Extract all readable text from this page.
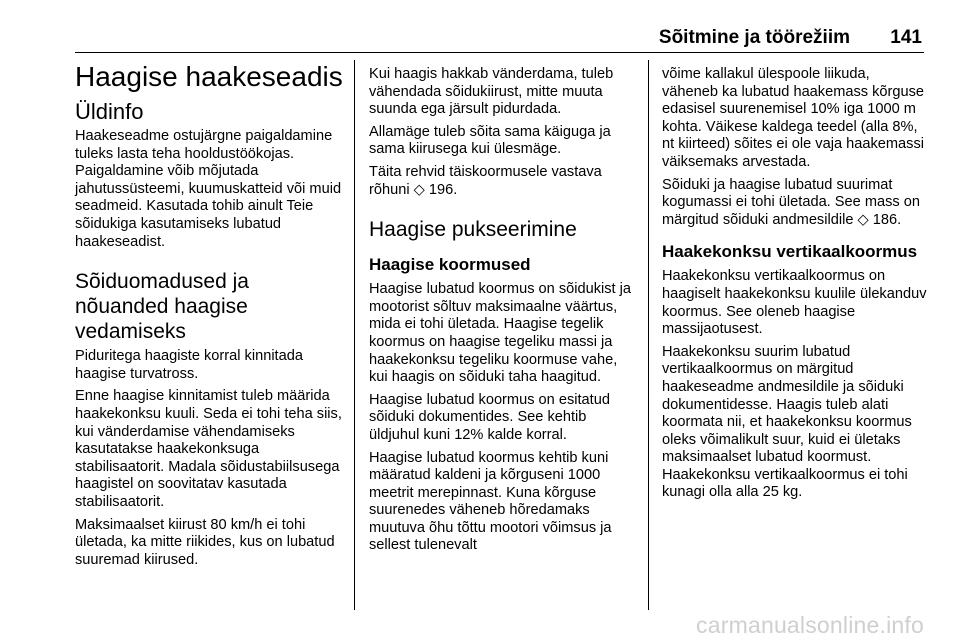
Sõitmine ja töörežiim 141
Haagise haakeseadis
Üldinfo

Haakeseadme ostujärgne paigaldamine tuleks lasta teha hooldustöökojas. Paigaldamine võib mõjutada jahutussüsteemi, kuumuskatteid või muid seadmeid. Kasutada tohib ainult Teie sõidukiga kasutamiseks lubatud haakeseadist.

Sõiduomadused ja nõuanded haagise vedamiseks

Piduritega haagiste korral kinnitada haagise turvatross.

Enne haagise kinnitamist tuleb määrida haakekonksu kuuli. Seda ei tohi teha siis, kui vänderdamise vähendamiseks kasutatakse haakekonksuga stabilisaatorit. Madala sõidustabiilsusega haagistel on soovitatav kasutada stabilisaatorit.

Maksimaalset kiirust 80 km/h ei tohi ületada, ka mitte riikides, kus on lubatud suuremad kiirused.

Kui haagis hakkab vänderdama, tuleb vähendada sõidukiirust, mitte muuta suunda ega järsult pidurdada.

Allamäge tuleb sõita sama käiguga ja sama kiirusega kui ülesmäge.

Täita rehvid täiskoormusele vastava rõhuni ◇ 196.

Haagise pukseerimine
Haagise koormused

Haagise lubatud koormus on sõidukist ja mootorist sõltuv maksimaalne väärtus, mida ei tohi ületada. Haagise tegelik koormus on haagise tegeliku massi ja haakekonksu tegeliku koormuse vahe, kui haagis on sõiduki taha haagitud.

Haagise lubatud koormus on esitatud sõiduki dokumentides. See kehtib üldjuhul kuni 12% kalde korral.

Haagise lubatud koormus kehtib kuni määratud kaldeni ja kõrguseni 1000 meetrit merepinnast. Kuna kõrguse suurenedes väheneb hõredamaks muutuva õhu tõttu mootori võimsus ja sellest tulenevalt

võime kallakul ülespoole liikuda, väheneb ka lubatud haakemass kõrguse edasisel suurenemisel 10% iga 1000 m kohta. Väikese kaldega teedel (alla 8%, nt kiirteed) sõites ei ole vaja haakemassi väiksemaks arvestada.

Sõiduki ja haagise lubatud suurimat kogumassi ei tohi ületada. See mass on märgitud sõiduki andmesildile ◇ 186.

Haakekonksu vertikaalkoormus

Haakekonksu vertikaalkoormus on haagiselt haakekonksu kuulile ülekanduv koormus. See oleneb haagise massijaotusest.

Haakekonksu suurim lubatud vertikaalkoormus on märgitud haakeseadme andmesildile ja sõiduki dokumentidesse. Haagis tuleb alati koormata nii, et haakekonksu koormus oleks võimalikult suur, kuid ei ületaks maksimaalset lubatud koormust. Haakekonksu vertikaalkoormus ei tohi kunagi olla alla 25 kg.

carmanualsonline.info
